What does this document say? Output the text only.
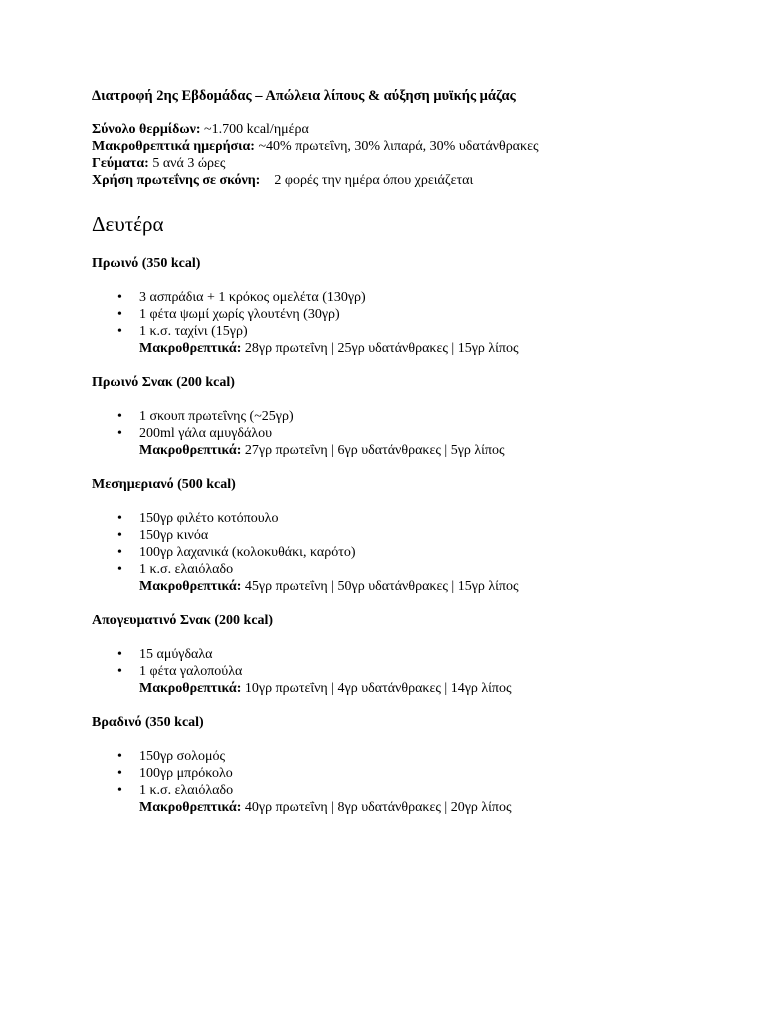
Διατροφή 2ης Εβδομάδας – Απώλεια λίπους & αύξηση μυϊκής μάζας
Σύνολο θερμίδων: ~1.700 kcal/ημέρα
Μακροθρεπτικά ημερήσια: ~40% πρωτεΐνη, 30% λιπαρά, 30% υδατάνθρακες
Γεύματα: 5 ανά 3 ώρες
Χρήση πρωτεΐνης σε σκόνη: 2 φορές την ημέρα όπου χρειάζεται
Δευτέρα
Πρωινό (350 kcal)
• 3 ασπράδια + 1 κρόκος ομελέτα (130γρ)
• 1 φέτα ψωμί χωρίς γλουτένη (30γρ)
• 1 κ.σ. ταχίνι (15γρ)
Μακροθρεπτικά: 28γρ πρωτεΐνη | 25γρ υδατάνθρακες | 15γρ λίπος
Πρωινό Σνακ (200 kcal)
• 1 σκουπ πρωτεΐνης (~25γρ)
• 200ml γάλα αμυγδάλου
Μακροθρεπτικά: 27γρ πρωτεΐνη | 6γρ υδατάνθρακες | 5γρ λίπος
Μεσημεριανό (500 kcal)
• 150γρ φιλέτο κοτόπουλο
• 150γρ κινόα
• 100γρ λαχανικά (κολοκυθάκι, καρότο)
• 1 κ.σ. ελαιόλαδο
Μακροθρεπτικά: 45γρ πρωτεΐνη | 50γρ υδατάνθρακες | 15γρ λίπος
Απογευματινό Σνακ (200 kcal)
• 15 αμύγδαλα
• 1 φέτα γαλοπούλα
Μακροθρεπτικά: 10γρ πρωτεΐνη | 4γρ υδατάνθρακες | 14γρ λίπος
Βραδινό (350 kcal)
• 150γρ σολομός
• 100γρ μπρόκολο
• 1 κ.σ. ελαιόλαδο
Μακροθρεπτικά: 40γρ πρωτεΐνη | 8γρ υδατάνθρακες | 20γρ λίπος
